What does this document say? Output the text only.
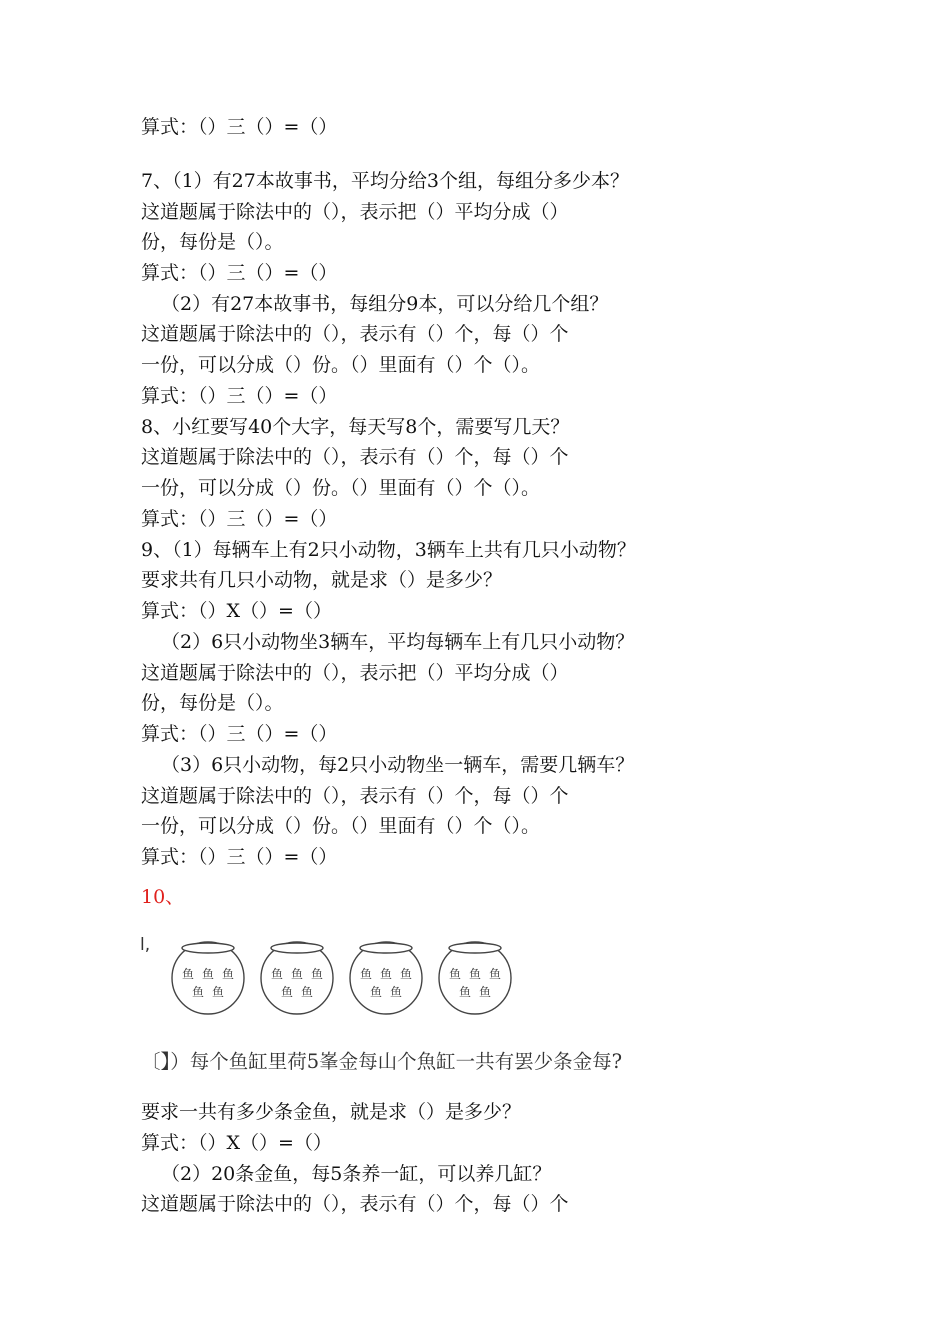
算式：（）三（）=（）
7、（1）有27本故事书，平均分给3个组，每组分多少本？
这道题属于除法中的（），表示把（）平均分成（）
份，每份是（）。
算式：（）三（）=（）
（2）有27本故事书，每组分9本，可以分给几个组？
这道题属于除法中的（），表示有（）个，每（）个
一份，可以分成（）份。（）里面有（）个（）。
算式：（）三（）=（）
8、小红要写40个大字，每天写8个，需要写几天？
这道题属于除法中的（），表示有（）个，每（）个
一份，可以分成（）份。（）里面有（）个（）。
算式：（）三（）=（）
9、（1）每辆车上有2只小动物，3辆车上共有几只小动物？
要求共有几只小动物，就是求（）是多少？
算式：（）X（）=（）
（2）6只小动物坐3辆车，平均每辆车上有几只小动物？
这道题属于除法中的（），表示把（）平均分成（）
份，每份是（）。
算式：（）三（）=（）
（3）6只小动物，每2只小动物坐一辆车，需要几辆车？
这道题属于除法中的（），表示有（）个，每（）个
一份，可以分成（）份。（）里面有（）个（）。
算式：（）三（）=（）
10、
l,
鱼 鱼 鱼
鱼 鱼
鱼 鱼 鱼
鱼 鱼
鱼 鱼 鱼
鱼 鱼
鱼 鱼 鱼
鱼 鱼
〔】）每个鱼缸里荷5峯金每山个魚缸一共有罢少条金每?
要求一共有多少条金鱼，就是求（）是多少？
算式：（）X（）=（）
（2）20条金鱼，每5条养一缸，可以养几缸？
这道题属于除法中的（），表示有（）个，每（）个
